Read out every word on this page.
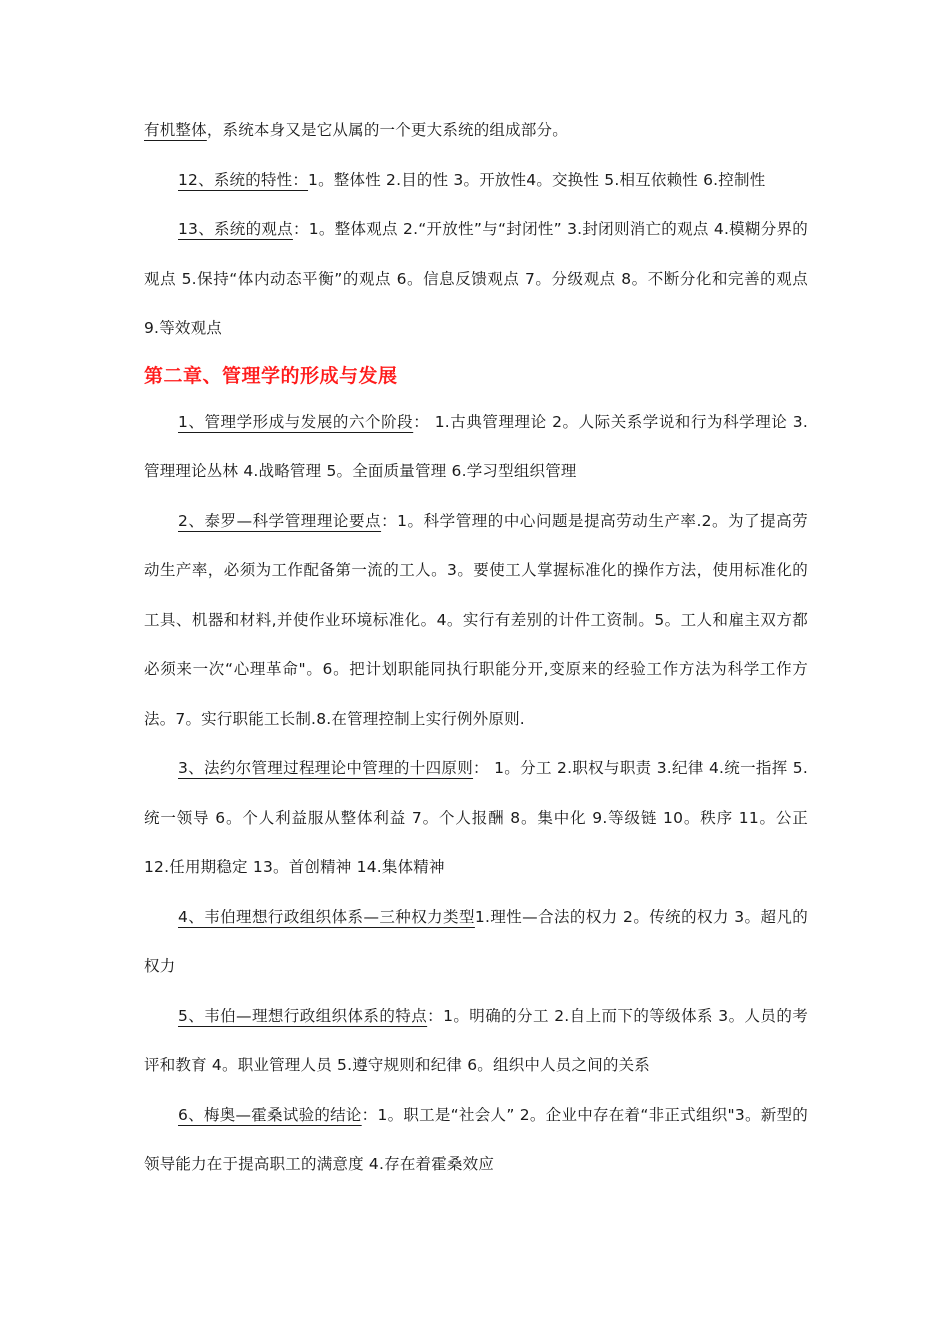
有机整体，系统本身又是它从属的一个更大系统的组成部分。

12、系统的特性：1。整体性 2.目的性 3。开放性4。交换性 5.相互依赖性 6.控制性

13、系统的观点：1。整体观点 2.“开放性”与“封闭性” 3.封闭则消亡的观点 4.模糊分界的观点 5.保持“体内动态平衡”的观点 6。信息反馈观点 7。分级观点 8。不断分化和完善的观点 9.等效观点

第二章、管理学的形成与发展

1、管理学形成与发展的六个阶段： 1.古典管理理论 2。人际关系学说和行为科学理论 3.管理理论丛林 4.战略管理 5。全面质量管理 6.学习型组织管理

2、泰罗—科学管理理论要点：1。科学管理的中心问题是提高劳动生产率.2。为了提高劳动生产率，必须为工作配备第一流的工人。3。要使工人掌握标准化的操作方法，使用标准化的工具、机器和材料,并使作业环境标准化。4。实行有差别的计件工资制。5。工人和雇主双方都必须来一次“心理革命"。6。把计划职能同执行职能分开,变原来的经验工作方法为科学工作方法。7。实行职能工长制.8.在管理控制上实行例外原则.

3、法约尔管理过程理论中管理的十四原则： 1。分工 2.职权与职责 3.纪律 4.统一指挥 5.统一领导 6。个人利益服从整体利益 7。个人报酬 8。集中化 9.等级链 10。秩序 11。公正 12.任用期稳定 13。首创精神 14.集体精神

4、韦伯理想行政组织体系—三种权力类型1.理性—合法的权力 2。传统的权力 3。超凡的权力

5、韦伯—理想行政组织体系的特点：1。明确的分工 2.自上而下的等级体系 3。人员的考评和教育 4。职业管理人员 5.遵守规则和纪律 6。组织中人员之间的关系

6、梅奥—霍桑试验的结论：1。职工是“社会人” 2。企业中存在着“非正式组织"3。新型的领导能力在于提高职工的满意度 4.存在着霍桑效应
